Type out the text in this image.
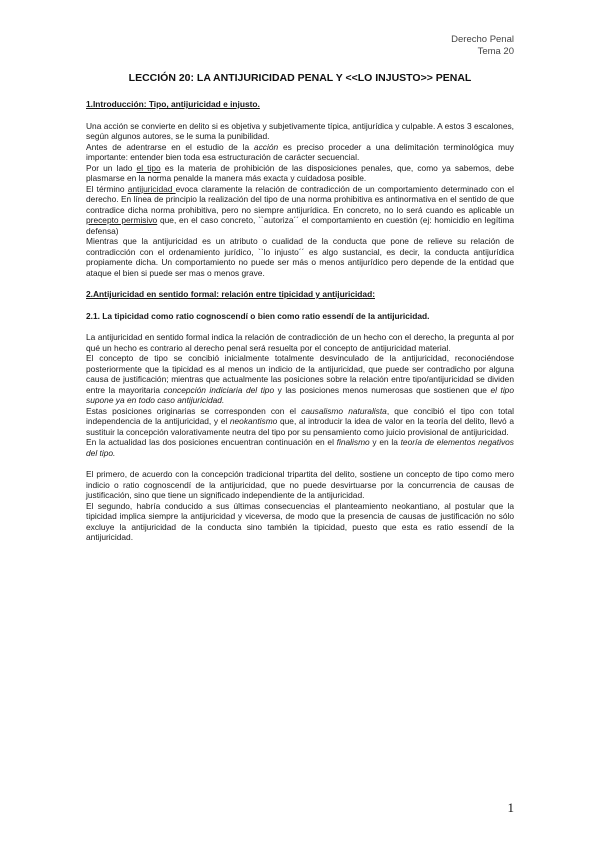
Derecho Penal
Tema 20
LECCIÓN 20: LA ANTIJURICIDAD PENAL Y <<LO INJUSTO>> PENAL

1.Introducción: Tipo, antijuricidad e injusto.

Una acción se convierte en delito si es objetiva y subjetivamente típica, antijurídica y culpable. A estos 3 escalones, según algunos autores, se le suma la punibilidad.

Antes de adentrarse en el estudio de la acción es preciso proceder a una delimitación terminológica muy importante: entender bien toda esa estructuración de carácter secuencial.

Por un lado el tipo es la materia de prohibición de las disposiciones penales, que, como ya sabemos, debe plasmarse en la norma penalde la manera más exacta y cuidadosa posible.

El término antijuricidad evoca claramente la relación de contradicción de un comportamiento determinado con el derecho. En línea de principio la realización del tipo de una norma prohibitiva es antinormativa en el sentido de que contradice dicha norma prohibitiva, pero no siempre antijurídica. En concreto, no lo será cuando es aplicable un precepto permisivo que, en el caso concreto, ``autoriza´´ el comportamiento en cuestión (ej: homicidio en legítima defensa)

Mientras que la antijuricidad es un atributo o cualidad de la conducta que pone de relieve su relación de contradicción con el ordenamiento jurídico, ``lo injusto´´ es algo sustancial, es decir, la conducta antijurídica propiamente dicha. Un comportamiento no puede ser más o menos antijurídico pero depende de la entidad que ataque el bien si puede ser mas o menos grave.

2.Antijuricidad en sentido formal: relación entre tipicidad y antijuricidad:

2.1. La tipicidad como ratio cognoscendí o bien como ratio essendí de la antijuricidad.

La antijuricidad en sentido formal indica la relación de contradicción de un hecho con el derecho, la pregunta al por qué un hecho es contrario al derecho penal será resuelta por el concepto de antijuricidad material.

El concepto de tipo se concibió inicialmente totalmente desvinculado de la antijuricidad, reconociéndose posteriormente que la tipicidad es al menos un indicio de la antijuricidad, que puede ser contradicho por alguna causa de justificación; mientras que actualmente las posiciones sobre la relación entre tipo/antijuricidad se dividen entre la mayoritaria concepción indiciaria del tipo y las posiciones menos numerosas que sostienen que el tipo supone ya en todo caso antijuricidad.

Estas posiciones originarias se corresponden con el causalismo naturalista, que concibió el tipo con total independencia de la antijuricidad, y el neokantismo que, al introducir la idea de valor en la teoría del delito, llevó a sustituir la concepción valorativamente neutra del tipo por su pensamiento como juicio provisional de antijuricidad.

En la actualidad las dos posiciones encuentran continuación en el finalismo y en la teoría de elementos negativos del tipo.

El primero, de acuerdo con la concepción tradicional tripartita del delito, sostiene un concepto de tipo como mero indicio o ratio cognoscendí de la antijuricidad, que no puede desvirtuarse por la concurrencia de causas de justificación, sino que tiene un significado independiente de la antijuricidad.

El segundo, habría conducido a sus últimas consecuencias el planteamiento neokantiano, al postular que la tipicidad implica siempre la antijuricidad y viceversa, de modo que la presencia de causas de justificación no sólo excluye la antijuricidad de la conducta sino también la tipicidad, puesto que esta es ratio essendí de la antijuricidad.

1
